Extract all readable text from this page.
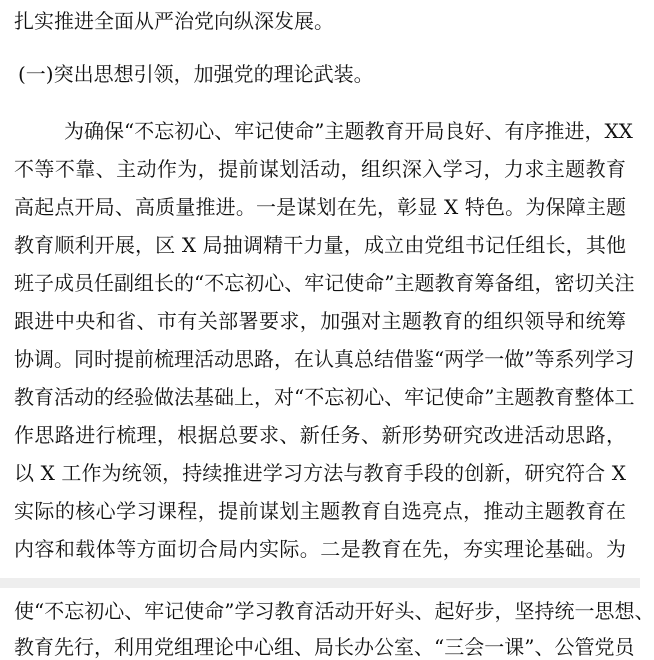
扎实推进全面从严治党向纵深发展。

(一)突出思想引领，加强党的理论武装。

为确保“不忘初心、牢记使命”主题教育开局良好、有序推进，XX

不等不靠、主动作为，提前谋划活动，组织深入学习，力求主题教育

高起点开局、高质量推进。一是谋划在先，彰显 X 特色。为保障主题

教育顺利开展，区 X 局抽调精干力量，成立由党组书记任组长，其他

班子成员任副组长的“不忘初心、牢记使命”主题教育筹备组，密切关注

跟进中央和省、市有关部署要求，加强对主题教育的组织领导和统筹

协调。同时提前梳理活动思路，在认真总结借鉴“两学一做”等系列学习

教育活动的经验做法基础上，对“不忘初心、牢记使命”主题教育整体工

作思路进行梳理，根据总要求、新任务、新形势研究改进活动思路，

以 X 工作为统领，持续推进学习方法与教育手段的创新，研究符合 X

实际的核心学习课程，提前谋划主题教育自选亮点，推动主题教育在

内容和载体等方面切合局内实际。二是教育在先，夯实理论基础。为

使“不忘初心、牢记使命”学习教育活动开好头、起好步，坚持统一思想、

教育先行，利用党组理论中心组、局长办公室、“三会一课”、公管党员
